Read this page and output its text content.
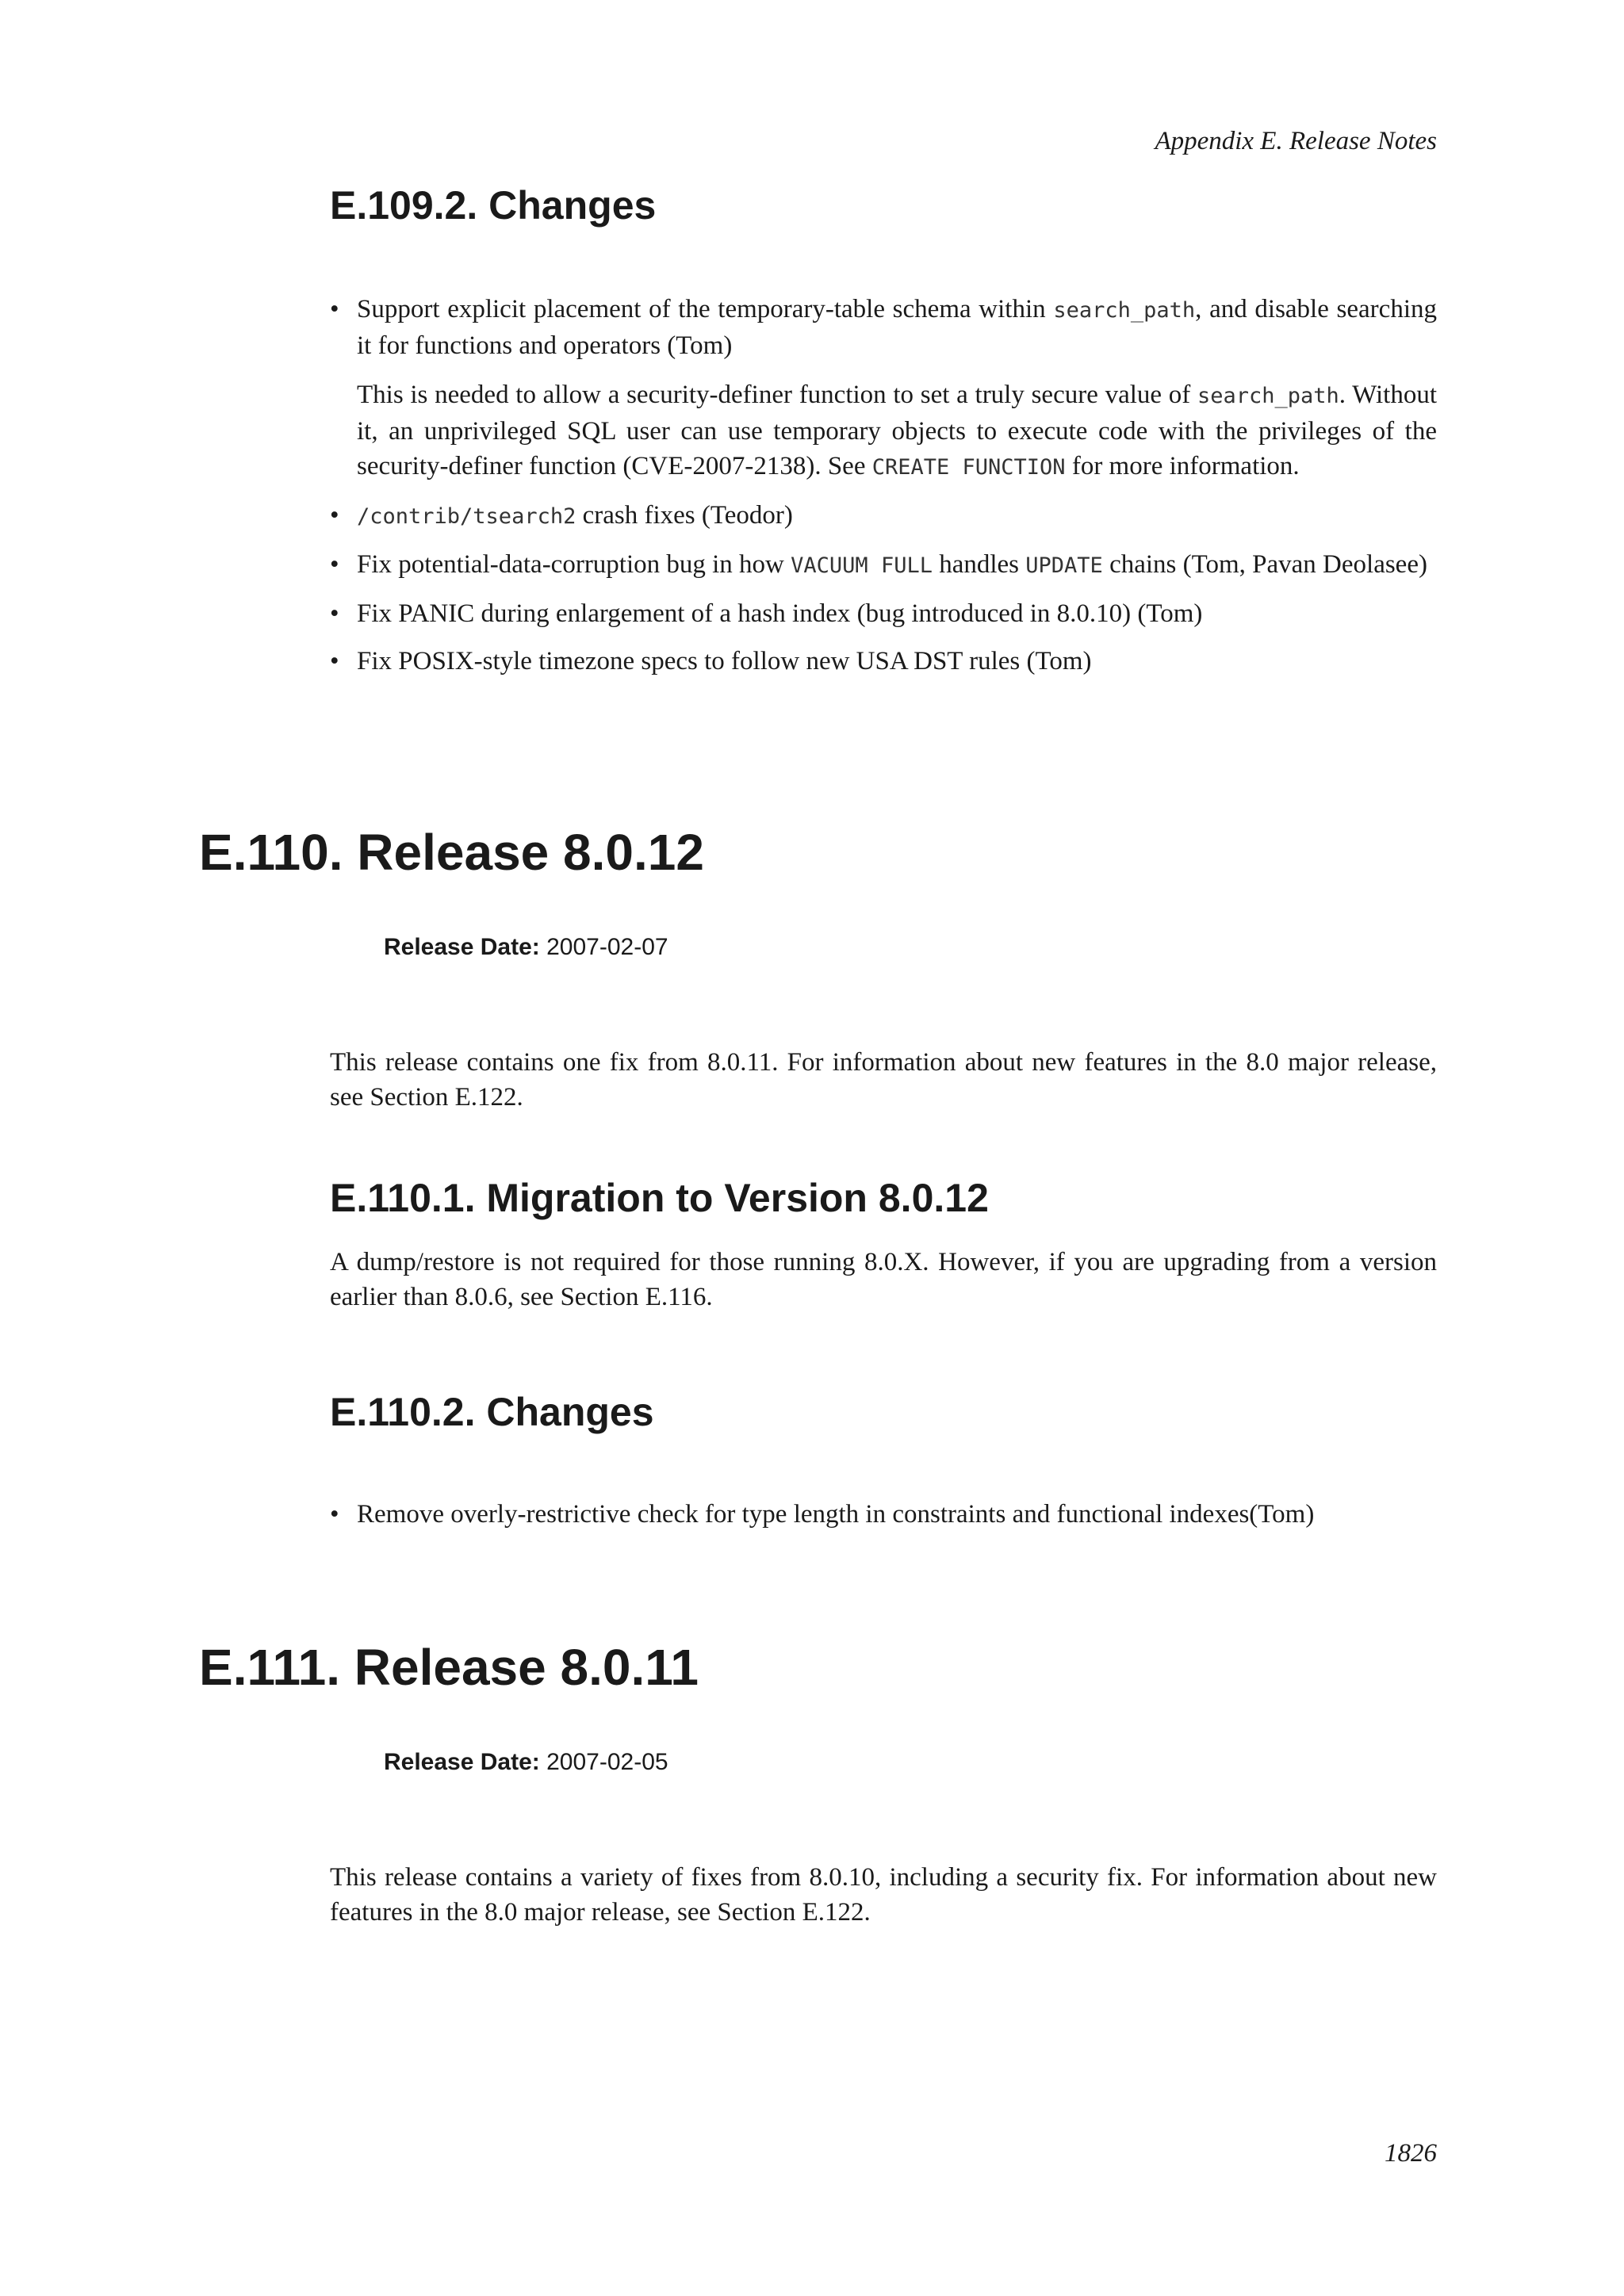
Appendix E. Release Notes
E.109.2. Changes
• Support explicit placement of the temporary-table schema within search_path, and disable searching it for functions and operators (Tom)
This is needed to allow a security-definer function to set a truly secure value of search_path. Without it, an unprivileged SQL user can use temporary objects to execute code with the privileges of the security-definer function (CVE-2007-2138). See CREATE FUNCTION for more information.
• /contrib/tsearch2 crash fixes (Teodor)
• Fix potential-data-corruption bug in how VACUUM FULL handles UPDATE chains (Tom, Pavan Deolasee)
• Fix PANIC during enlargement of a hash index (bug introduced in 8.0.10) (Tom)
• Fix POSIX-style timezone specs to follow new USA DST rules (Tom)
E.110. Release 8.0.12
Release Date: 2007-02-07

This release contains one fix from 8.0.11. For information about new features in the 8.0 major release, see Section E.122.

E.110.1. Migration to Version 8.0.12

A dump/restore is not required for those running 8.0.X. However, if you are upgrading from a version earlier than 8.0.6, see Section E.116.

E.110.2. Changes
• Remove overly-restrictive check for type length in constraints and functional indexes(Tom)
E.111. Release 8.0.11
Release Date: 2007-02-05

This release contains a variety of fixes from 8.0.10, including a security fix. For information about new features in the 8.0 major release, see Section E.122.

1826
